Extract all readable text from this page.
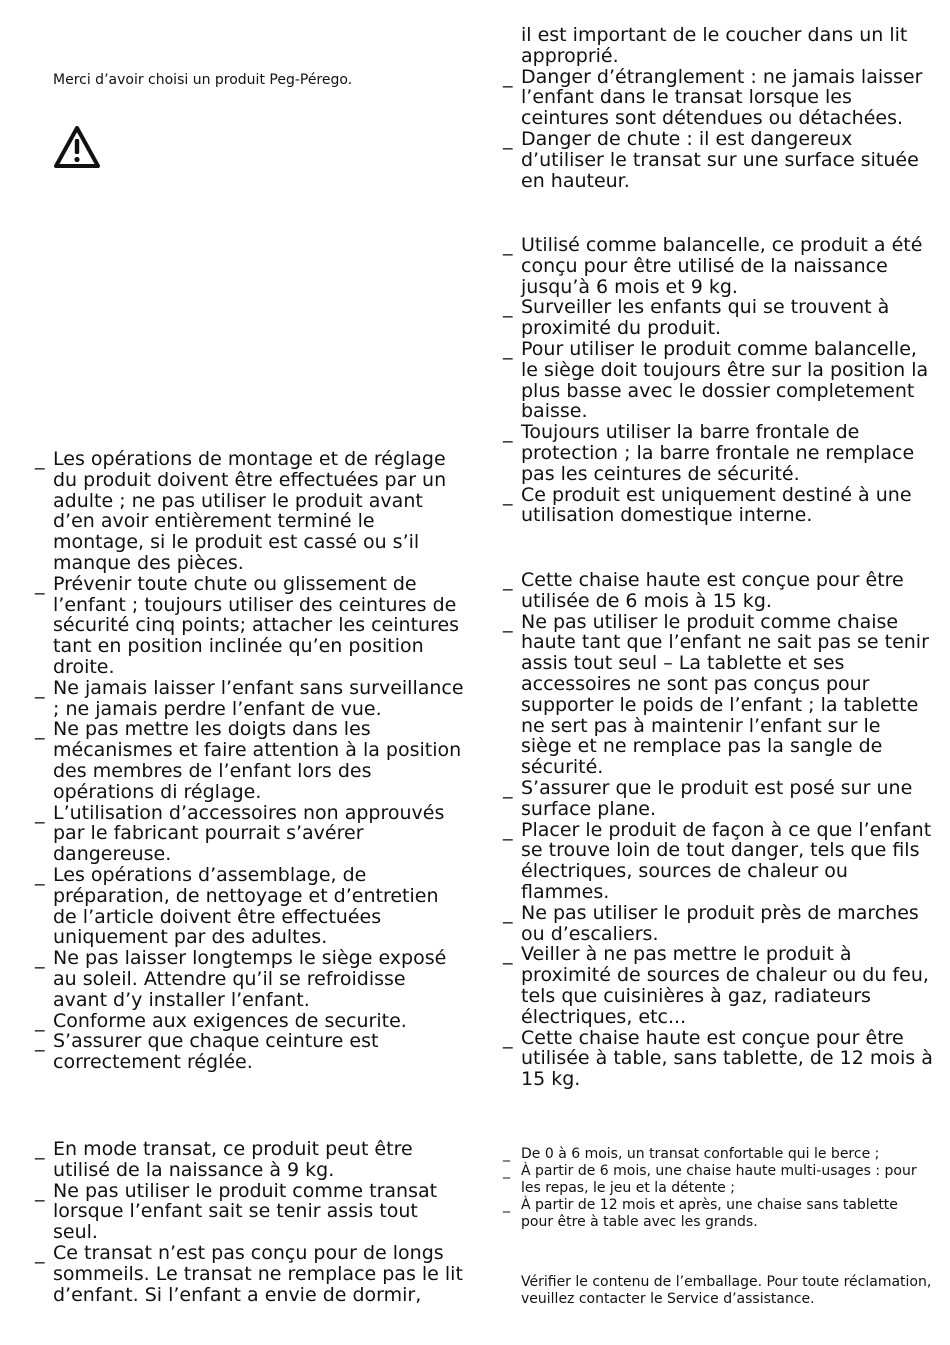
Merci d’avoir choisi un produit Peg-Pérego.

_ Les opérations de montage et de réglage du produit doivent être effectuées par un adulte ; ne pas utiliser le produit avant d’en avoir entièrement terminé le montage, si le produit est cassé ou s’il manque des pièces.
_ Prévenir toute chute ou glissement de l’enfant ; toujours utiliser des ceintures de sécurité cinq points; attacher les ceintures tant en position inclinée qu’en position droite.
_ Ne jamais laisser l’enfant sans surveillance ; ne jamais perdre l’enfant de vue.
_ Ne pas mettre les doigts dans les mécanismes et faire attention à la position des membres de l’enfant lors des opérations di réglage.
_ L’utilisation d’accessoires non approuvés par le fabricant pourrait s’avérer dangereuse.
_ Les opérations d’assemblage, de préparation, de nettoyage et d’entretien de l’article doivent être effectuées uniquement par des adultes.
_ Ne pas laisser longtemps le siège exposé au soleil. Attendre qu’il se refroidisse avant d’y installer l’enfant.
_ Conforme aux exigences de securite.
_ S’assurer que chaque ceinture est correctement réglée.
_ En mode transat, ce produit peut être utilisé de la naissance à 9 kg.
_ Ne pas utiliser le produit comme transat lorsque l’enfant sait se tenir assis tout seul.
_ Ce transat n’est pas conçu pour de longs sommeils. Le transat ne remplace pas le lit d’enfant. Si l’enfant a envie de dormir,

il est important de le coucher dans un lit approprié.

_ Danger d’étranglement : ne jamais laisser l’enfant dans le transat lorsque les ceintures sont détendues ou détachées.
_ Danger de chute : il est dangereux d’utiliser le transat sur une surface située en hauteur.
_ Utilisé comme balancelle, ce produit a été conçu pour être utilisé de la naissance jusqu’à 6 mois et 9 kg.
_ Surveiller les enfants qui se trouvent à proximité du produit.
_ Pour utiliser le produit comme balancelle, le siège doit toujours être sur la position la plus basse avec le dossier completement baisse.
_ Toujours utiliser la barre frontale de protection ; la barre frontale ne remplace pas les ceintures de sécurité.
_ Ce produit est uniquement destiné à une utilisation domestique interne.
_ Cette chaise haute est conçue pour être utilisée de 6 mois à 15 kg.
_ Ne pas utiliser le produit comme chaise haute tant que l’enfant ne sait pas se tenir assis tout seul – La tablette et ses accessoires ne sont pas conçus pour supporter le poids de l’enfant ; la tablette ne sert pas à maintenir l’enfant sur le siège et ne remplace pas la sangle de sécurité.
_ S’assurer que le produit est posé sur une surface plane.
_ Placer le produit de façon à ce que l’enfant se trouve loin de tout danger, tels que fils électriques, sources de chaleur ou flammes.
_ Ne pas utiliser le produit près de marches ou d’escaliers.
_ Veiller à ne pas mettre le produit à proximité de sources de chaleur ou du feu, tels que cuisinières à gaz, radiateurs électriques, etc...
_ Cette chaise haute est conçue pour être utilisée à table, sans tablette, de 12 mois à 15 kg.
_ De 0 à 6 mois, un transat confortable qui le berce ;
_ À partir de 6 mois, une chaise haute multi-usages : pour les repas, le jeu et la détente ;
_ À partir de 12 mois et après, une chaise sans tablette pour être à table avec les grands.

Vérifier le contenu de l’emballage. Pour toute réclamation, veuillez contacter le Service d’assistance.
